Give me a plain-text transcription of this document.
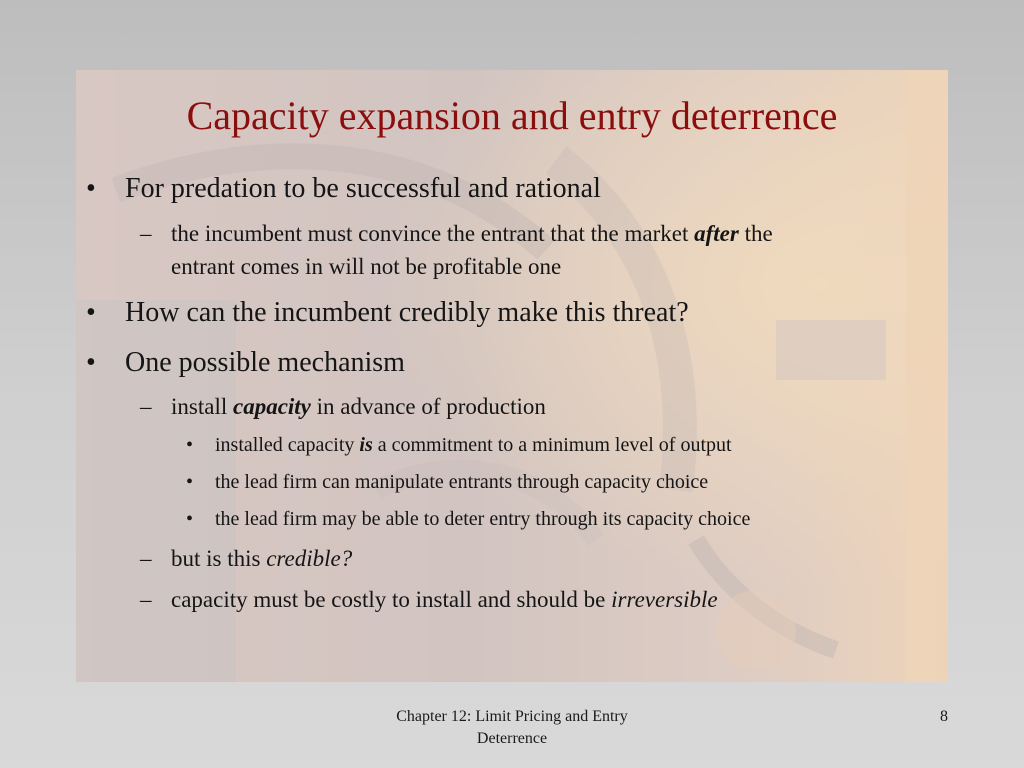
Capacity expansion and entry deterrence
• For predation to be successful and rational
– the incumbent must convince the entrant that the market after the
entrant comes in will not be profitable one
• How can the incumbent credibly make this threat?
• One possible mechanism
– install capacity in advance of production
• installed capacity is a commitment to a minimum level of output
• the lead firm can manipulate entrants through capacity choice
• the lead firm may be able to deter entry through its capacity choice
– but is this credible?
– capacity must be costly to install and should be irreversible
Chapter 12: Limit Pricing and Entry
Deterrence
8
